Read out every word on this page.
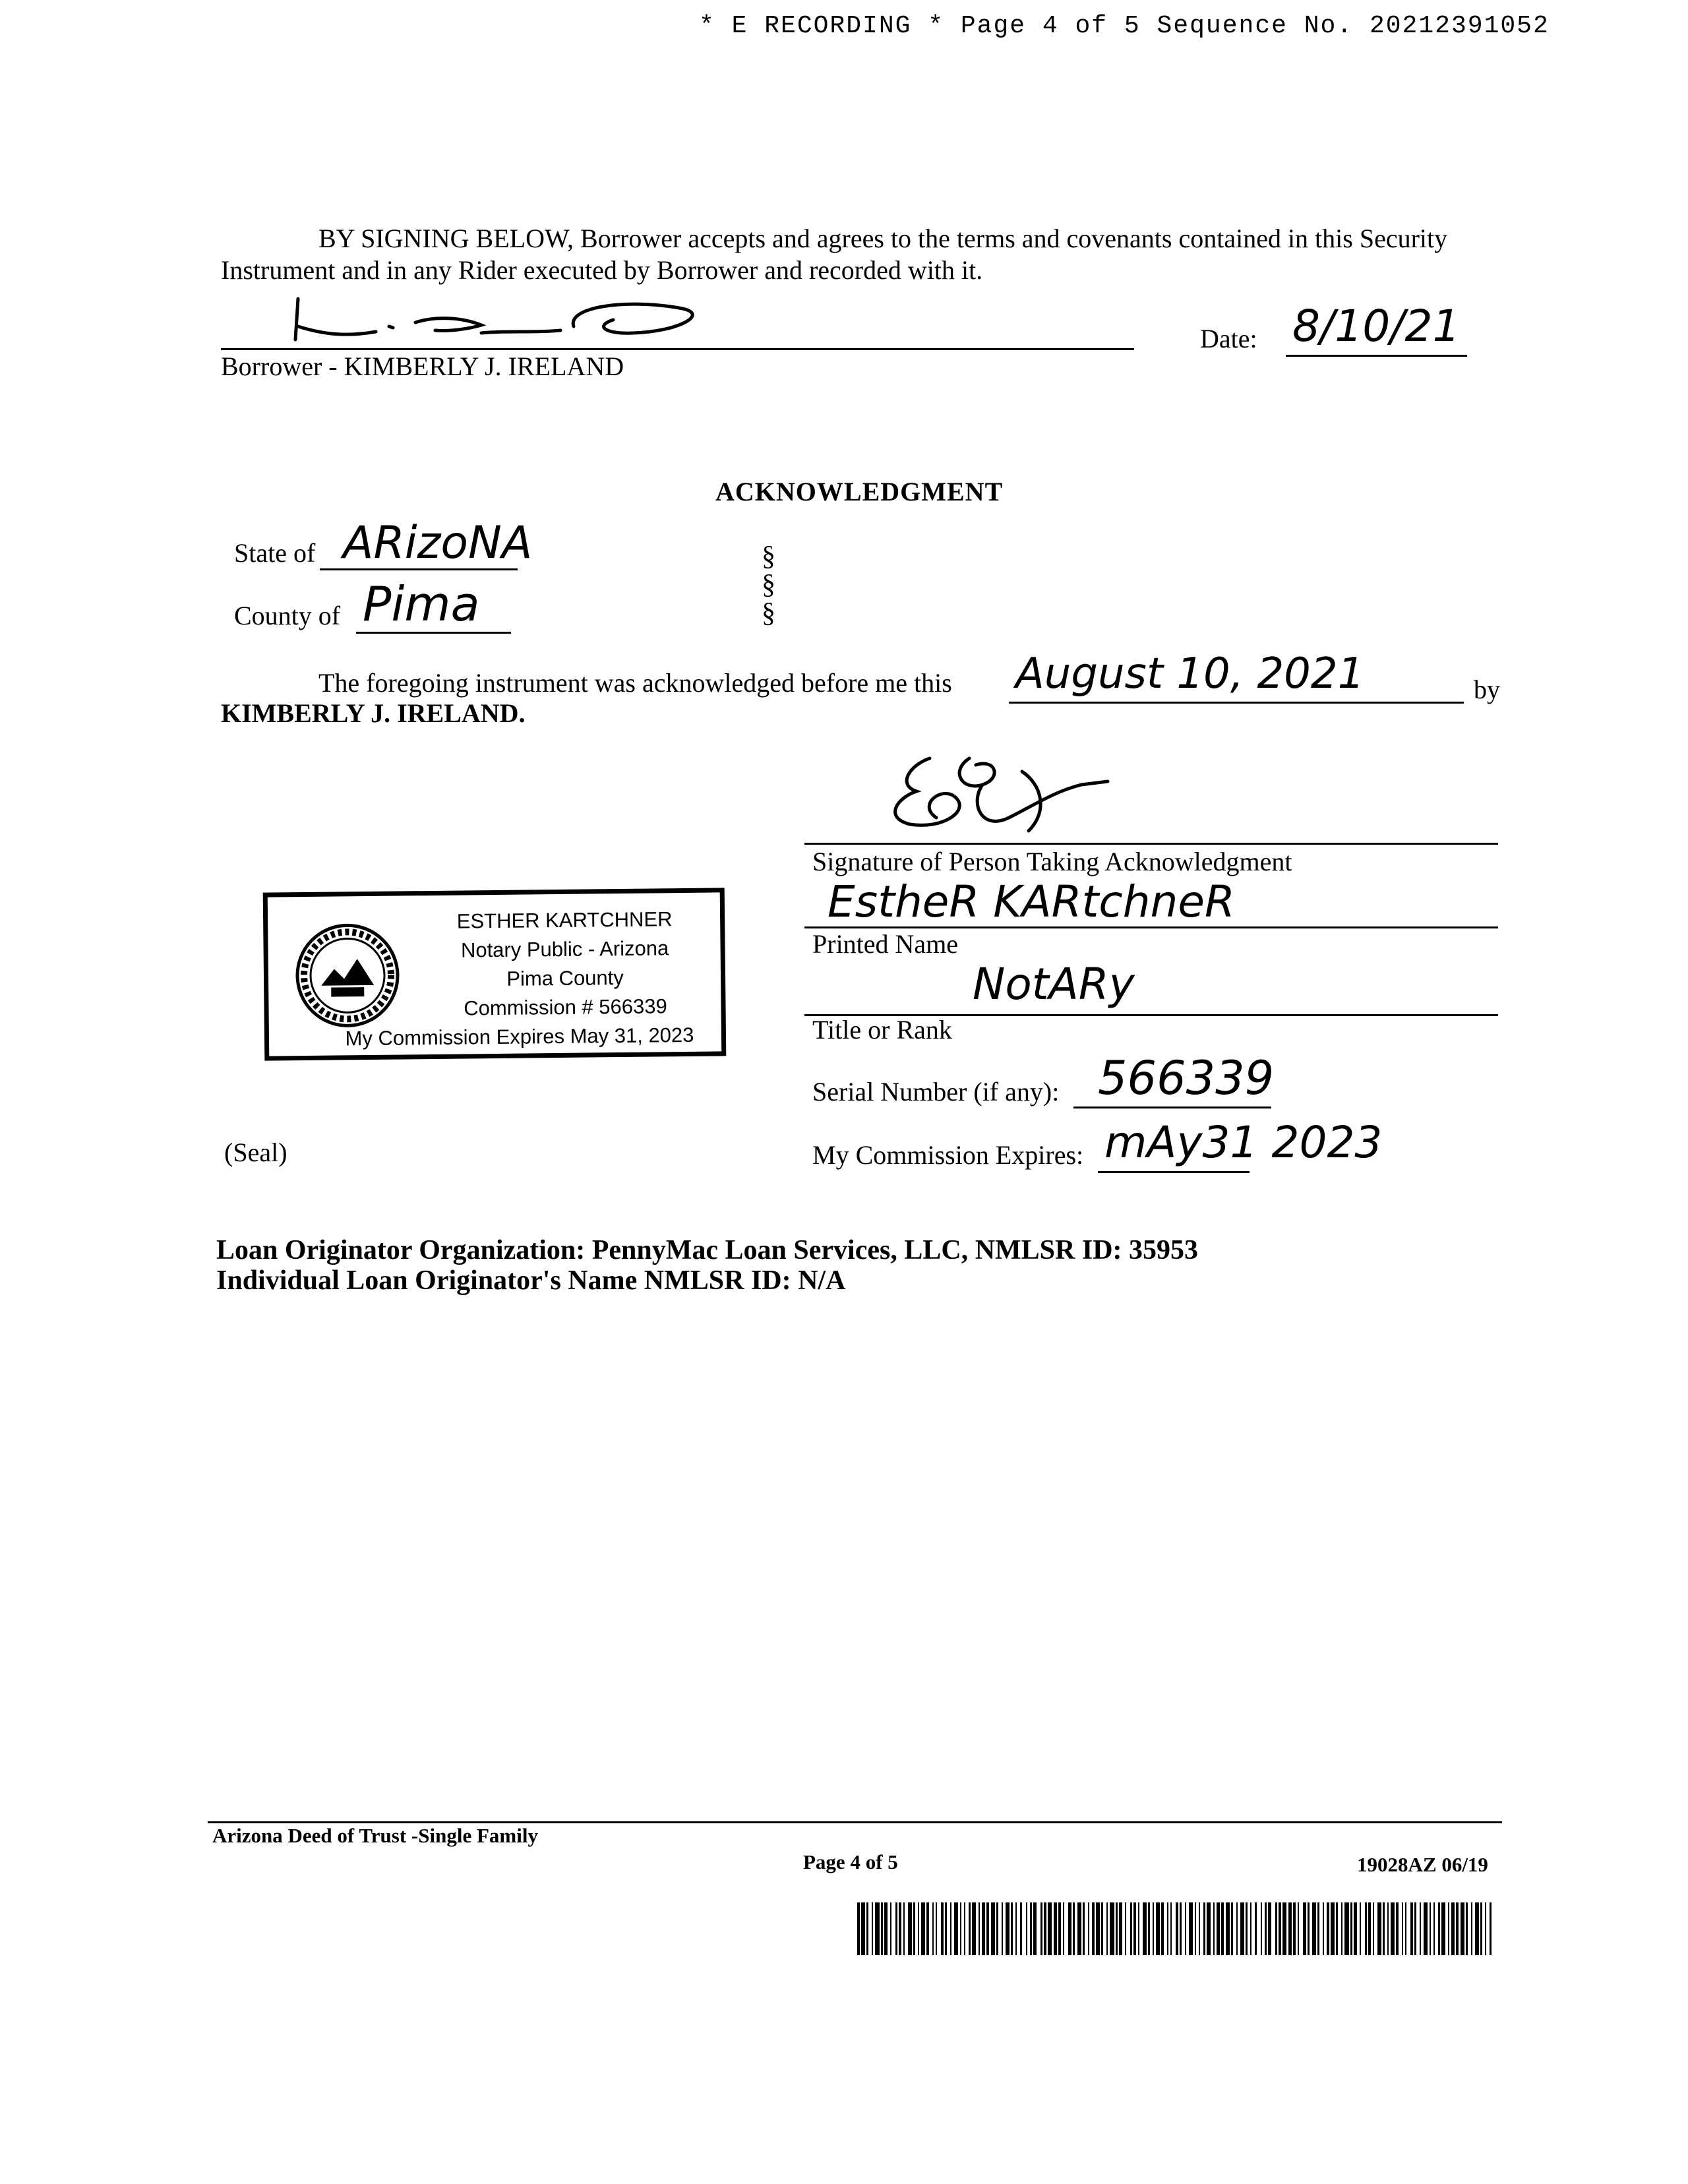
* E RECORDING * Page 4 of 5 Sequence No. 20212391052
BY SIGNING BELOW, Borrower accepts and agrees to the terms and covenants contained in this Security Instrument and in any Rider executed by Borrower and recorded with it.
Borrower - KIMBERLY J. IRELAND
Date: 8/10/21
ACKNOWLEDGMENT
State of ARizoNA
County of Pima
§
§
§
The foregoing instrument was acknowledged before me this August 10, 2021	by
KIMBERLY J. IRELAND.
Signature of Person Taking Acknowledgment
EstheR KARtchneR
Printed Name
NotARy
Title or Rank
Serial Number (if any): 566339
My Commission Expires: mAy31 2023
ESTHER KARTCHNER
Notary Public - Arizona
Pima County
Commission # 566339
My Commission Expires May 31, 2023
(Seal)
Loan Originator Organization: PennyMac Loan Services, LLC, NMLSR ID: 35953
Individual Loan Originator's Name NMLSR ID: N/A
Arizona Deed of Trust -Single Family
Page 4 of 5	19028AZ 06/19
